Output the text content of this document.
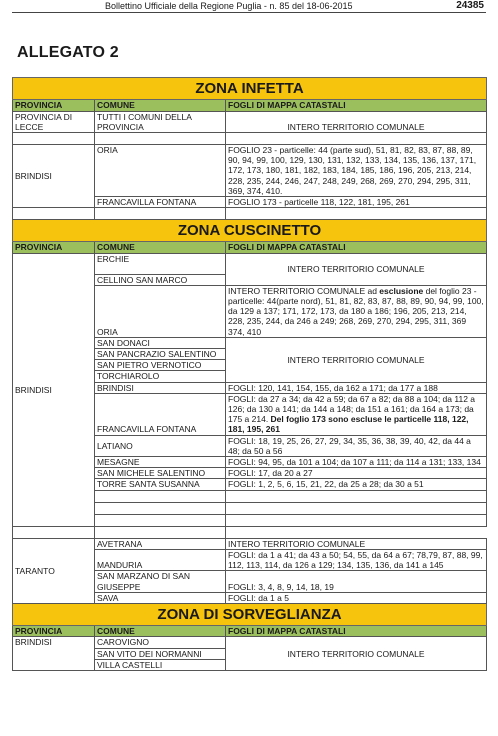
Bollettino Ufficiale della Regione Puglia - n. 85 del 18-06-2015	24385
ALLEGATO 2
ZONA INFETTA		
PROVINCIA	COMUNE	FOGLI DI MAPPA CATASTALI
PROVINCIA DI LECCE	TUTTI I COMUNI DELLA PROVINCIA	INTERO TERRITORIO COMUNALE

BRINDISI	ORIA	FOGLIO 23 - particelle: 44 (parte sud), 51, 81, 82, 83, 87, 88, 89, 90, 94, 99, 100, 129, 130, 131, 132, 133, 134, 135, 136, 137, 171, 172, 173, 180, 181, 182, 183, 184, 185, 186, 196, 205, 213, 214, 228, 235, 244, 246, 247, 248, 249, 268, 269, 270, 294, 295, 311, 369, 374, 410.
	FRANCAVILLA FONTANA	FOGLIO 173 - particelle 118, 122, 181, 195, 261

ZONA CUSCINETTO		
PROVINCIA	COMUNE	FOGLI DI MAPPA CATASTALI
BRINDISI	ERCHIE	INTERO TERRITORIO COMUNALE
	CELLINO SAN MARCO	
	ORIA	INTERO TERRITORIO COMUNALE ad esclusione del foglio 23 - particelle: 44(parte nord), 51, 81, 82, 83, 87, 88, 89, 90, 94, 99, 100, da 129 a 137; 171, 172, 173, da 180 a 186; 196, 205, 213, 214, 228, 235, 244, da 246 a 249; 268, 269, 270, 294, 295, 311, 369 374, 410
	SAN DONACI	INTERO TERRITORIO COMUNALE
	SAN PANCRAZIO SALENTINO	
	SAN PIETRO VERNOTICO	
	TORCHIAROLO	
	BRINDISI	FOGLI: 120, 141, 154, 155, da 162 a 171; da 177 a 188
	FRANCAVILLA FONTANA	FOGLI: da 27 a 34; da 42 a 59; da 67 a 82; da 88 a 104; da 112 a 126; da 130 a 141; da 144 a 148; da 151 a 161; da 164 a 173; da 175 a 214. Del foglio 173 sono escluse le particelle 118, 122, 181, 195, 261
	LATIANO	FOGLI: 18, 19, 25, 26, 27, 29, 34, 35, 36, 38, 39, 40, 42, da 44 a 48; da 50 a 56
	MESAGNE	FOGLI: 94, 95, da 101 a 104; da 107 a 111; da 114 a 131; 133, 134
	SAN MICHELE SALENTINO	FOGLI: 17, da 20 a 27
	TORRE SANTA SUSANNA	FOGLI: 1, 2, 5, 6, 15, 21, 22, da 25 a 28; da 30 a 51

TARANTO	AVETRANA	INTERO TERRITORIO COMUNALE
	MANDURIA	FOGLI: da 1 a 41; da 43 a 50; 54, 55, da 64 a 67; 78,79, 87, 88, 99, 112, 113, 114, da 126 a 129; 134, 135, 136, da 141 a 145
	SAN MARZANO DI SAN GIUSEPPE	FOGLI: 3, 4, 8, 9, 14, 18, 19
	SAVA	FOGLI: da 1 a 5
ZONA DI SORVEGLIANZA		
PROVINCIA	COMUNE	FOGLI DI MAPPA CATASTALI
BRINDISI	CAROVIGNO	INTERO TERRITORIO COMUNALE
	SAN VITO DEI NORMANNI	
	VILLA CASTELLI	
